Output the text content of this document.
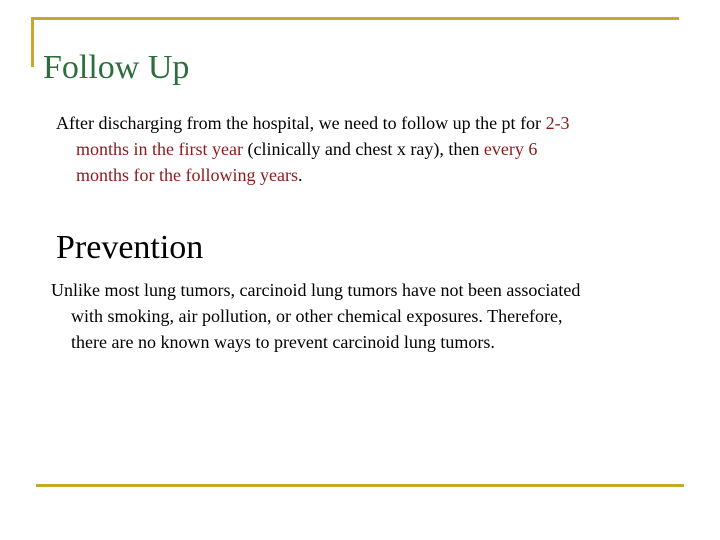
Follow Up

After discharging from the hospital, we need to follow up the pt for 2-3
months in the first year (clinically and chest x ray), then every 6
months for the following years.

Prevention

Unlike most lung tumors, carcinoid lung tumors have not been associated
with smoking, air pollution, or other chemical exposures. Therefore,
there are no known ways to prevent carcinoid lung tumors.
